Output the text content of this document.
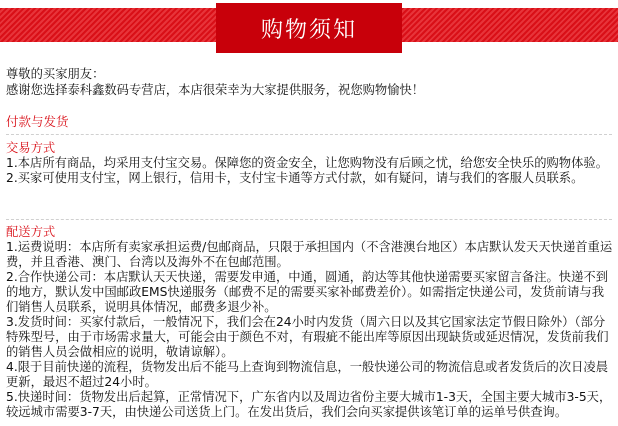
购物须知
尊敬的买家朋友：
感谢您选择泰科鑫数码专营店，本店很荣幸为大家提供服务，祝您购物愉快！
付款与发货
交易方式

1.本店所有商品，均采用支付宝交易。保障您的资金安全，让您购物没有后顾之忧，给您安全快乐的购物体验。

2.买家可使用支付宝，网上银行，信用卡，支付宝卡通等方式付款，如有疑问，请与我们的客服人员联系。

配送方式

1.运费说明：本店所有卖家承担运费/包邮商品，只限于承担国内（不含港澳台地区）本店默认发天天快递首重运费，并且香港、澳门、台湾以及海外不在包邮范围。

2.合作快递公司：本店默认天天快递，需要发申通，中通，圆通，韵达等其他快递需要买家留言备注。快递不到的地方，默认发中国邮政EMS快递服务（邮费不足的需要买家补邮费差价）。如需指定快递公司，发货前请与我们销售人员联系，说明具体情况，邮费多退少补。

3.发货时间：买家付款后，一般情况下，我们会在24小时内发货（周六日以及其它国家法定节假日除外）（部分特殊型号，由于市场需求量大，可能会由于颜色不对，有瑕疵不能出库等原因出现缺货或延迟情况，发货前我们的销售人员会做相应的说明，敬请谅解）。

4.限于目前快递的流程，货物发出后不能马上查询到物流信息，一般快递公司的物流信息或者发货后的次日凌晨更新，最迟不超过24小时。

5.快递时间：货物发出后起算，正常情况下，广东省内以及周边省份主要大城市1-3天，全国主要大城市3-5天，较远城市需要3-7天，由快递公司送货上门。在发出货后，我们会向买家提供该笔订单的运单号供查询。
